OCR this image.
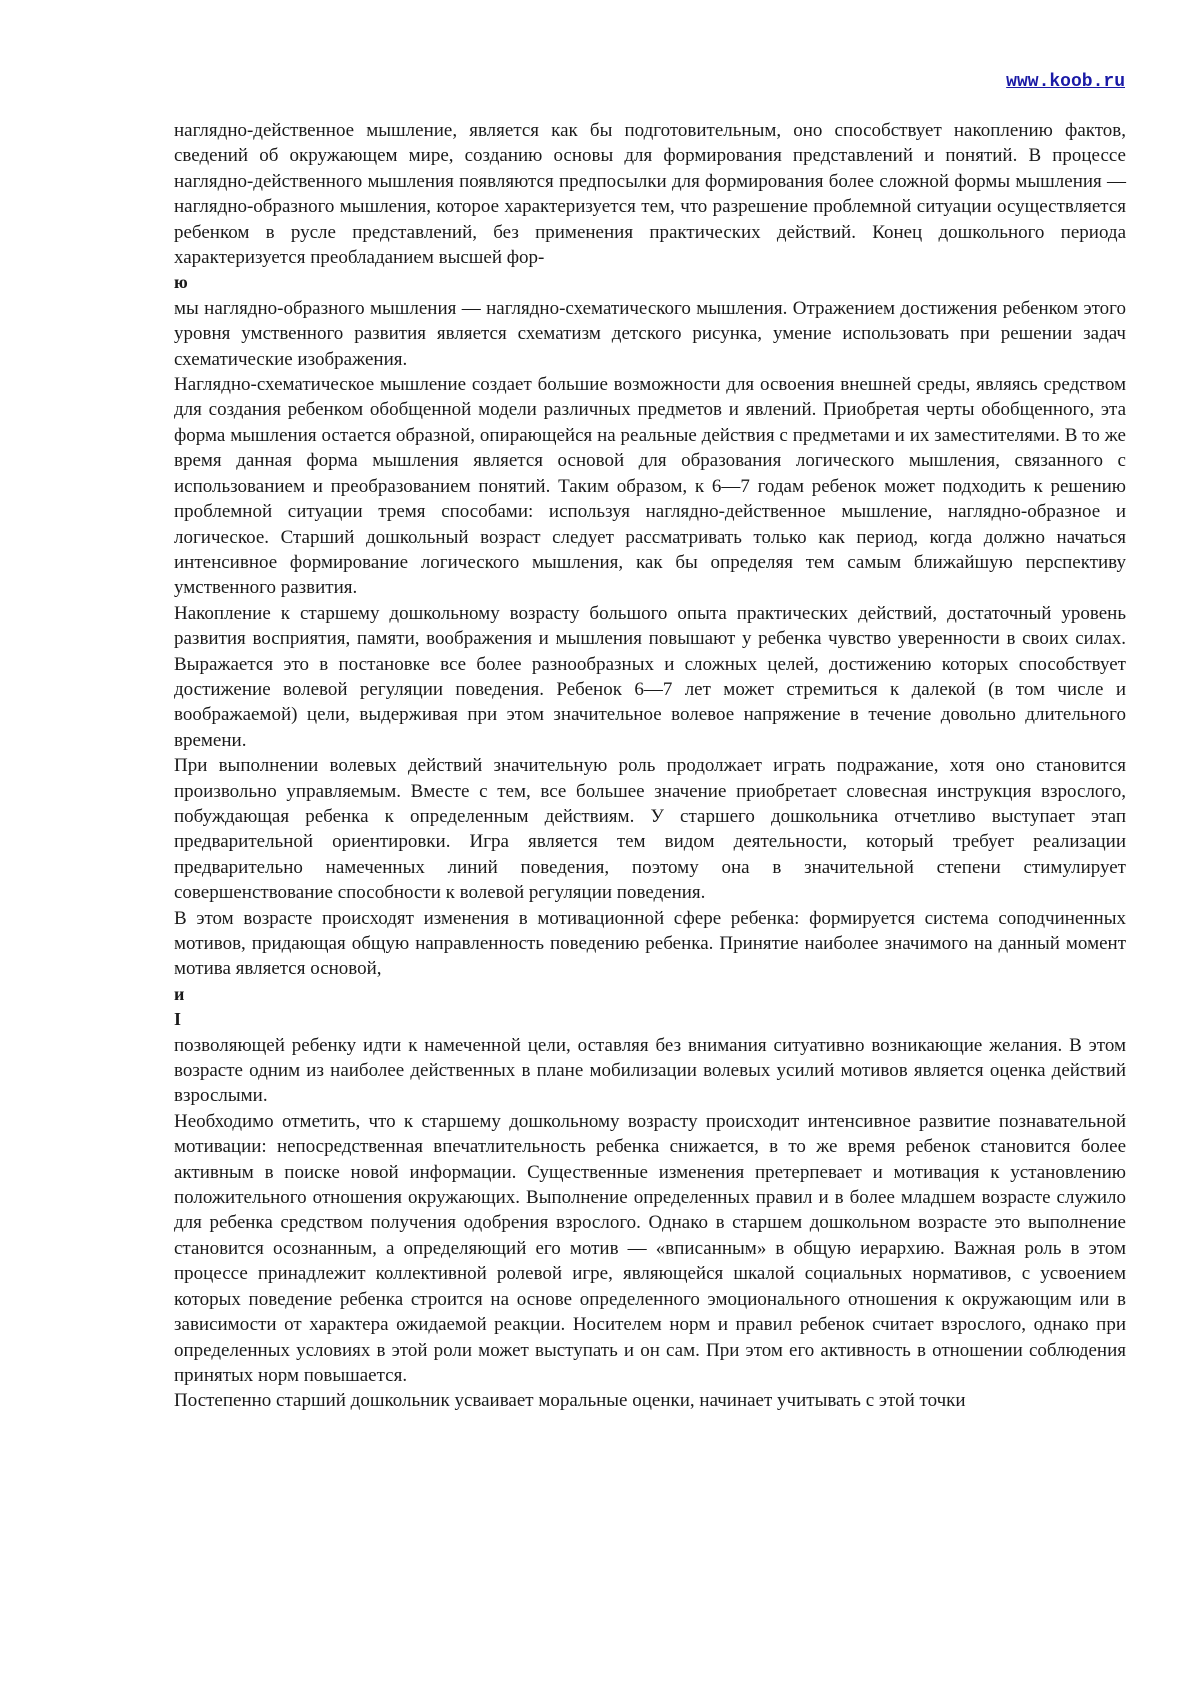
www.koob.ru

наглядно-действенное мышление, является как бы подготовительным, оно способствует накоплению фактов, сведений об окружающем мире, созданию основы для формирования представлений и понятий. В процессе наглядно-действенного мышления появляются предпосылки для формирования более сложной формы мышления — наглядно-образного мышления, которое характеризуется тем, что разрешение проблемной ситуации осуществляется ребенком в русле представлений, без применения практических действий. Конец дошкольного периода характеризуется преобладанием высшей фор-

ю

мы наглядно-образного мышления — наглядно-схематического мышления. Отражением достижения ребенком этого уровня умственного развития является схематизм детского рисунка, умение использовать при решении задач схематические изображения.

Наглядно-схематическое мышление создает большие возможности для освоения внешней среды, являясь средством для создания ребенком обобщенной модели различных предметов и явлений. Приобретая черты обобщенного, эта форма мышления остается образной, опирающейся на реальные действия с предметами и их заместителями. В то же время данная форма мышления является основой для образования логического мышления, связанного с использованием и преобразованием понятий. Таким образом, к 6—7 годам ребенок может подходить к решению проблемной ситуации тремя способами: используя наглядно-действенное мышление, наглядно-образное и логическое. Старший дошкольный возраст следует рассматривать только как период, когда должно начаться интенсивное формирование логического мышления, как бы определяя тем самым ближайшую перспективу умственного развития.

Накопление к старшему дошкольному возрасту большого опыта практических действий, достаточный уровень развития восприятия, памяти, воображения и мышления повышают у ребенка чувство уверенности в своих силах. Выражается это в постановке все более разнообразных и сложных целей, достижению которых способствует достижение волевой регуляции поведения. Ребенок 6—7 лет может стремиться к далекой (в том числе и воображаемой) цели, выдерживая при этом значительное волевое напряжение в течение довольно длительного времени.

При выполнении волевых действий значительную роль продолжает играть подражание, хотя оно становится произвольно управляемым. Вместе с тем, все большее значение приобретает словесная инструкция взрослого, побуждающая ребенка к определенным действиям. У старшего дошкольника отчетливо выступает этап предварительной ориентировки. Игра является тем видом деятельности, который требует реализации предварительно намеченных линий поведения, поэтому она в значительной степени стимулирует совершенствование способности к волевой регуляции поведения.

В этом возрасте происходят изменения в мотивационной сфере ребенка: формируется система соподчиненных мотивов, придающая общую направленность поведению ребенка. Принятие наиболее значимого на данный момент мотива является основой,

и

I

позволяющей ребенку идти к намеченной цели, оставляя без внимания ситуативно возникающие желания. В этом возрасте одним из наиболее действенных в плане мобилизации волевых усилий мотивов является оценка действий взрослыми.

Необходимо отметить, что к старшему дошкольному возрасту происходит интенсивное развитие познавательной мотивации: непосредственная впечатлительность ребенка снижается, в то же время ребенок становится более активным в поиске новой информации. Существенные изменения претерпевает и мотивация к установлению положительного отношения окружающих. Выполнение определенных правил и в более младшем возрасте служило для ребенка средством получения одобрения взрослого. Однако в старшем дошкольном возрасте это выполнение становится осознанным, а определяющий его мотив — «вписанным» в общую иерархию. Важная роль в этом процессе принадлежит коллективной ролевой игре, являющейся шкалой социальных нормативов, с усвоением которых поведение ребенка строится на основе определенного эмоционального отношения к окружающим или в зависимости от характера ожидаемой реакции. Носителем норм и правил ребенок считает взрослого, однако при определенных условиях в этой роли может выступать и он сам. При этом его активность в отношении соблюдения принятых норм повышается.

Постепенно старший дошкольник усваивает моральные оценки, начинает учитывать с этой точки
